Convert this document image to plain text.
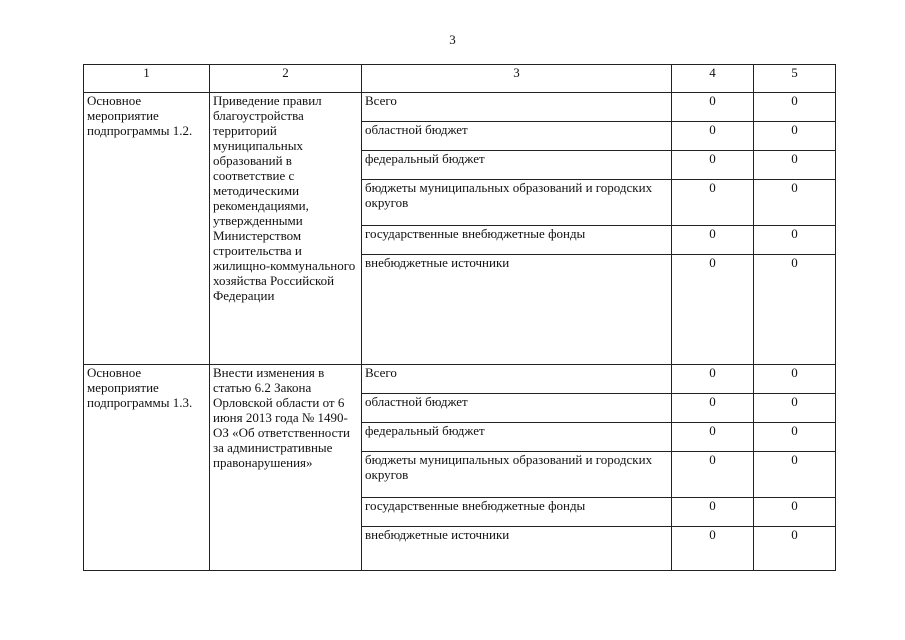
3
1	2	3	4	5
Основное мероприятие подпрограммы 1.2.	Приведение правил благоустройства территорий муниципальных образований в соответствие с методическими рекомендациями, утвержденными Министерством строительства и жилищно-коммунального хозяйства Российской Федерации	Всего	0	0
		областной бюджет	0	0
		федеральный бюджет	0	0
		бюджеты муниципальных образований и городских округов	0	0
		государственные внебюджетные фонды	0	0
		внебюджетные источники	0	0
Основное мероприятие подпрограммы 1.3.	Внести изменения в статью 6.2 Закона Орловской области от 6 июня 2013 года № 1490-ОЗ «Об ответственности за административные правонарушения»	Всего	0	0
		областной бюджет	0	0
		федеральный бюджет	0	0
		бюджеты муниципальных образований и городских округов	0	0
		государственные внебюджетные фонды	0	0
		внебюджетные источники	0	0
